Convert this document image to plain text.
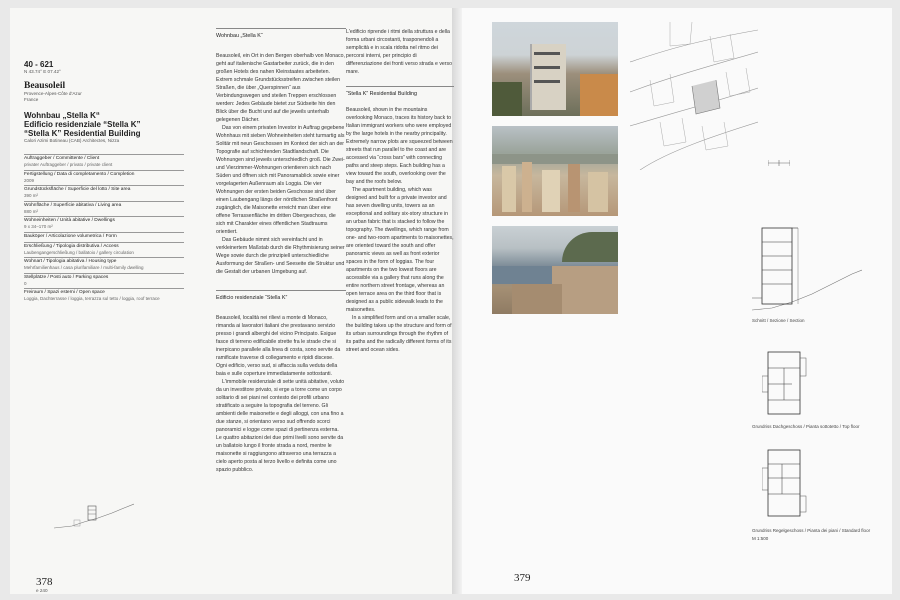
40 - 621
N 43.74° E 07.42°
Beausoleil
Provence-Alpes-Côte d'Azur
France
Wohnbau „Stella K“
Edificio residenziale “Stella K”
“Stella K” Residential Building
Calori Azimi Botineau (CAB) Architectes, Nizza
Auftraggeber / Committente / Client
privater Auftraggeber / privato / private client
Fertigstellung / Data di completamento / Completion
2009
Grundstücksfläche / Superficie del lotto / Site area
390 m²
Wohnfläche / Superficie abitativa / Living area
880 m²
Wohneinheiten / Unità abitative / Dwellings
9 x 34–170 m²
Bauköper / Articolazione volumetrica / Form
Erschließung / Tipologia distributiva / Access
Laubengangerschließung / ballatoio / gallery circulation
Wohnart / Tipologia abitativa / Housing type
Mehrfamilienhaus / casa plurifamiliare / multi-family dwelling
Stellplätze / Posti auto / Parking spaces
0
Freiraum / Spazi esterni / Open space
Loggia, Dachterrasse / loggia, terrazza sul tetto / loggia, roof terrace
378
e 240
Wohnbau „Stella K“

Beausoleil, ein Ort in den Bergen oberhalb von Monaco, geht auf italienische Gastarbeiter zurück, die in den großen Hotels des nahen Kleinstaates arbeiteten. Extrem schmale Grundstücksstreifen zwischen steilen Straßen, die über „Querspinnen“ aus Verbindungswegen und steilen Treppen erschlossen werden: Jedes Gebäude bietet zur Südseite hin den Blick über die Bucht und auf die jeweils unterhalb gelegenen Dächer.

Das von einem privaten Investor in Auftrag gegebene Wohnhaus mit sieben Wohneinheiten steht turmartig als Solitär mit neun Geschossen im Kontext der sich an der Topografie auf schichtenden Stadtlandschaft. Die Wohnungen sind jeweils unterschiedlich groß. Die Zwei- und Vierzimmer-Wohnungen orientieren sich nach Süden und öffnen sich mit Panoramablick sowie einer vorgelagerten Außenraum als Loggia. Die vier Wohnungen der ersten beiden Geschosse sind über einen Laubengang längs der nördlichen Straßenfront zugänglich, die Maisonette erreicht man über eine offene Terrassenfläche im dritten Obergeschoss, die sich mit Charakter eines öffentlichen Stadtraums orientiert.

Das Gebäude nimmt sich vereinfacht und in verkleinertem Maßstab durch die Rhythmisierung seiner Wege sowie durch die prinzipiell unterschiedliche Ausformung der Straßen- und Seeseite die Struktur und die Gestalt der urbanen Umgebung auf.

Edificio residenziale “Stella K”

Beausoleil, località nei rilievi a monte di Monaco, rimanda ai lavoratori italiani che prestavano servizio presso i grandi alberghi del vicino Principato. Esigue fasce di terreno edificabile strette fra le strade che si inerpicano parallele alla linea di costa, sono servite da ramificate traverse di collegamento e ripidi discese. Ogni edificio, verso sud, si affaccia sulla veduta della baia e sulle coperture immediatamente sottostanti.

L'immobile residenziale di sette unità abitative, voluto da un investitore privato, si erge a torre come un corpo solitario di sei piani nel contesto dei profili urbano stratificato a seguire la topografia del terreno. Gli ambienti delle maisonette e degli alloggi, con una fino a due stanze, si orientano verso sud offrendo scorci panoramici e logge come spazi di pertinenza esterna. Le quattro abitazioni dei due primi livelli sono servite da un ballatoio lungo il fronte strada a nord, mentre le maisonette si raggiungono attraverso una terrazza a cielo aperto posta al terzo livello e definita come uno spazio pubblico.

L'edificio riprende i ritmi della struttura e della forma urbani circostanti, trasponendoli a semplicità e in scala ridotta nel ritmo dei percorsi interni, per principio di differenziazione dei fronti verso strada e verso mare.

“Stella K” Residential Building

Beausoleil, shown in the mountains overlooking Monaco, traces its history back to Italian immigrant workers who were employed by the large hotels in the nearby principality. Extremely narrow plots are squeezed between streets that run parallel to the coast and are accessed via “cross bars” with connecting paths and steep steps. Each building has a view toward the south, overlooking over the bay and the roofs below.

The apartment building, which was designed and built for a private investor and has seven dwelling units, towers as an exceptional and solitary six-story structure in an urban fabric that is stacked to follow the topography. The dwellings, which range from one- and two-room apartments to maisonettes, are oriented toward the south and offer panoramic views as well as front exterior spaces in the form of loggias. The four apartments on the two lowest floors are accessible via a gallery that runs along the entire northern street frontage, whereas an open terrace area on the third floor that is designed as a public sidewalk leads to the maisonettes.

In a simplified form and on a smaller scale, the building takes up the structure and form of its urban surroundings through the rhythm of its paths and the radically different forms of its street and ocean sides.

Schnitt / Sezione / Section
Grundriss Dachgeschoss / Pianta sottotetto / Top floor
Grundriss Regelgeschoss / Pianta dei piani / Standard floor
M 1:500
379
